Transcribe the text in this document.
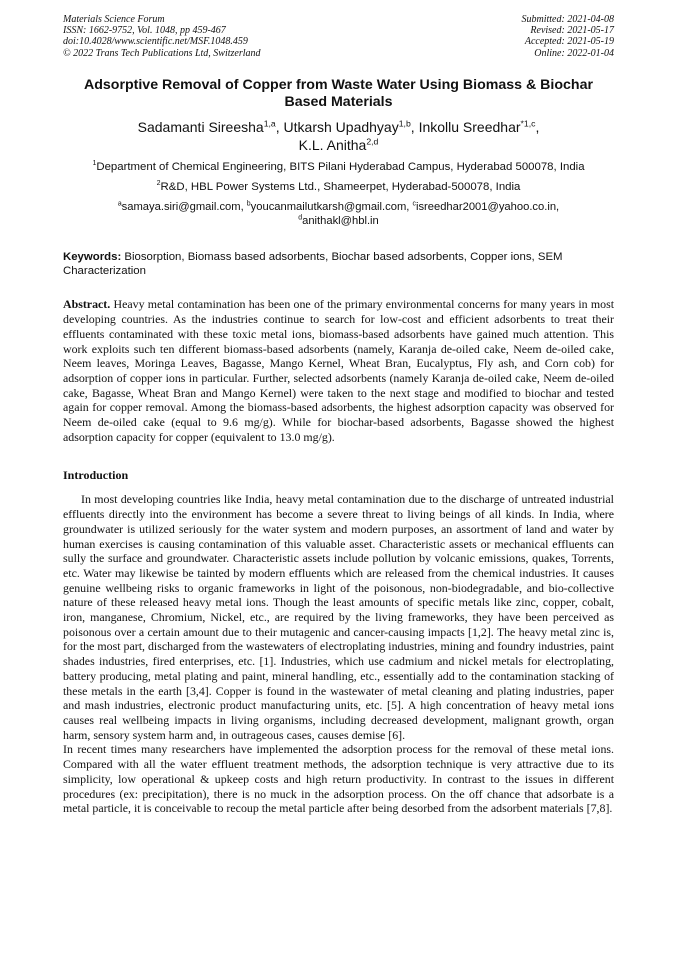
Materials Science Forum
ISSN: 1662-9752, Vol. 1048, pp 459-467
doi:10.4028/www.scientific.net/MSF.1048.459
© 2022 Trans Tech Publications Ltd, Switzerland
Submitted: 2021-04-08
Revised: 2021-05-17
Accepted: 2021-05-19
Online: 2022-01-04
Adsorptive Removal of Copper from Waste Water Using Biomass & Biochar Based Materials
Sadamanti Sireesha$^{1,a}$, Utkarsh Upadhyay$^{1,b}$, Inkollu Sreedhar$^{*1,c}$,
K.L. Anitha$^{2,d}$
$^1$Department of Chemical Engineering, BITS Pilani Hyderabad Campus, Hyderabad 500078, India
$^2$R&D, HBL Power Systems Ltd., Shameerpet, Hyderabad-500078, India
$^a$samaya.siri@gmail.com, $^b$youcanmailutkarsh@gmail.com, $^c$isreedhar2001@yahoo.co.in,
$^d$anithakl@hbl.in
Keywords: Biosorption, Biomass based adsorbents, Biochar based adsorbents, Copper ions, SEM Characterization
Abstract. Heavy metal contamination has been one of the primary environmental concerns for many years in most developing countries. As the industries continue to search for low-cost and efficient adsorbents to treat their effluents contaminated with these toxic metal ions, biomass-based adsorbents have gained much attention. This work exploits such ten different biomass-based adsorbents (namely, Karanja de-oiled cake, Neem de-oiled cake, Neem leaves, Moringa Leaves, Bagasse, Mango Kernel, Wheat Bran, Eucalyptus, Fly ash, and Corn cob) for adsorption of copper ions in particular. Further, selected adsorbents (namely Karanja de-oiled cake, Neem de-oiled cake, Bagasse, Wheat Bran and Mango Kernel) were taken to the next stage and modified to biochar and tested again for copper removal. Among the biomass-based adsorbents, the highest adsorption capacity was observed for Neem de-oiled cake (equal to 9.6 mg/g). While for biochar-based adsorbents, Bagasse showed the highest adsorption capacity for copper (equivalent to 13.0 mg/g).
Introduction
In most developing countries like India, heavy metal contamination due to the discharge of untreated industrial effluents directly into the environment has become a severe threat to living beings of all kinds. In India, where groundwater is utilized seriously for the water system and modern purposes, an assortment of land and water by human exercises is causing contamination of this valuable asset. Characteristic assets or mechanical effluents can sully the surface and groundwater. Characteristic assets include pollution by volcanic emissions, quakes, Torrents, etc. Water may likewise be tainted by modern effluents which are released from the chemical industries. It causes genuine wellbeing risks to organic frameworks in light of the poisonous, non-biodegradable, and bio-collective nature of these released heavy metal ions. Though the least amounts of specific metals like zinc, copper, cobalt, iron, manganese, Chromium, Nickel, etc., are required by the living frameworks, they have been perceived as poisonous over a certain amount due to their mutagenic and cancer-causing impacts [1,2]. The heavy metal zinc is, for the most part, discharged from the wastewaters of electroplating industries, mining and foundry industries, paint shades industries, fired enterprises, etc. [1]. Industries, which use cadmium and nickel metals for electroplating, battery producing, metal plating and paint, mineral handling, etc., essentially add to the contamination stacking of these metals in the earth [3,4]. Copper is found in the wastewater of metal cleaning and plating industries, paper and mash industries, electronic product manufacturing units, etc. [5]. A high concentration of heavy metal ions causes real wellbeing impacts in living organisms, including decreased development, malignant growth, organ harm, sensory system harm and, in outrageous cases, causes demise [6].
In recent times many researchers have implemented the adsorption process for the removal of these metal ions. Compared with all the water effluent treatment methods, the adsorption technique is very attractive due to its simplicity, low operational & upkeep costs and high return productivity. In contrast to the issues in different procedures (ex: precipitation), there is no muck in the adsorption process. On the off chance that adsorbate is a metal particle, it is conceivable to recoup the metal particle after being desorbed from the adsorbent materials [7,8].
